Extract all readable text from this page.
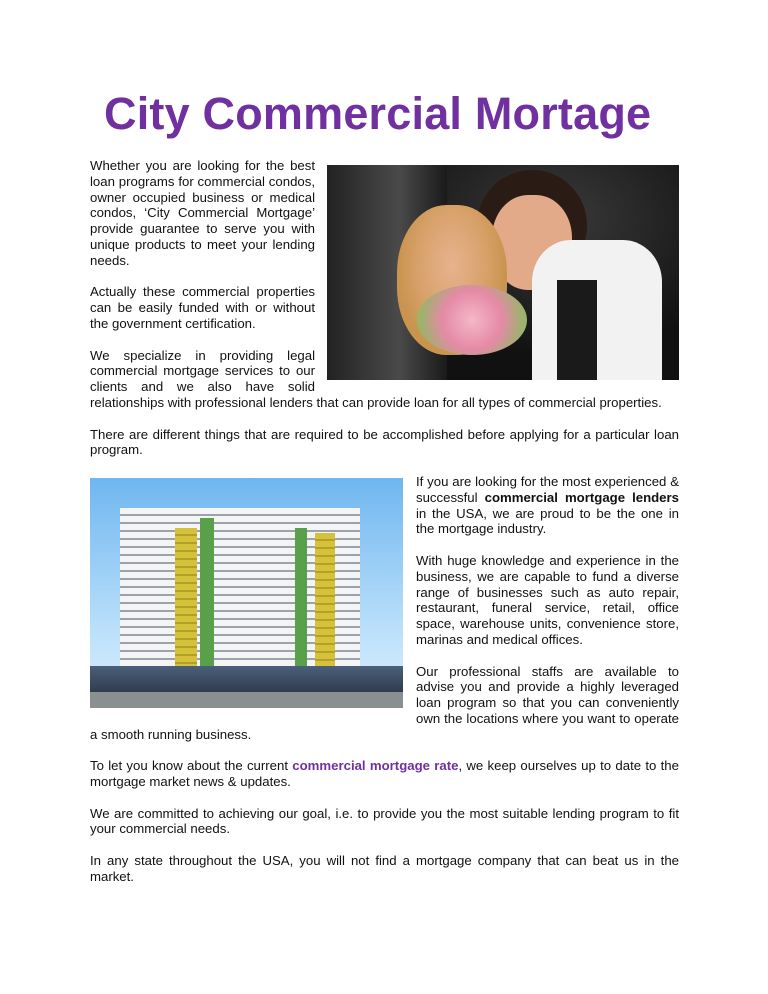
City Commercial Mortage

Whether you are looking for the best loan programs for commercial condos, owner occupied business or medical condos, ‘City Commercial Mortgage’ provide guarantee to serve you with unique products to meet your lending needs.

Actually these commercial properties can be easily funded with or without the government certification.

We specialize in providing legal commercial mortgage services to our clients and we also have solid relationships with professional lenders that can provide loan for all types of commercial properties.

There are different things that are required to be accomplished before applying for a particular loan program.

If you are looking for the most experienced & successful commercial mortgage lenders in the USA, we are proud to be the one in the mortgage industry.

With huge knowledge and experience in the business, we are capable to fund a diverse range of businesses such as auto repair, restaurant, funeral service, retail, office space, warehouse units, convenience store, marinas and medical offices.

Our professional staffs are available to advise you and provide a highly leveraged loan program so that you can conveniently own the locations where you want to operate a smooth running business.

To let you know about the current commercial mortgage rate, we keep ourselves up to date to the mortgage market news & updates.

We are committed to achieving our goal, i.e. to provide you the most suitable lending program to fit your commercial needs.

In any state throughout the USA, you will not find a mortgage company that can beat us in the market.
